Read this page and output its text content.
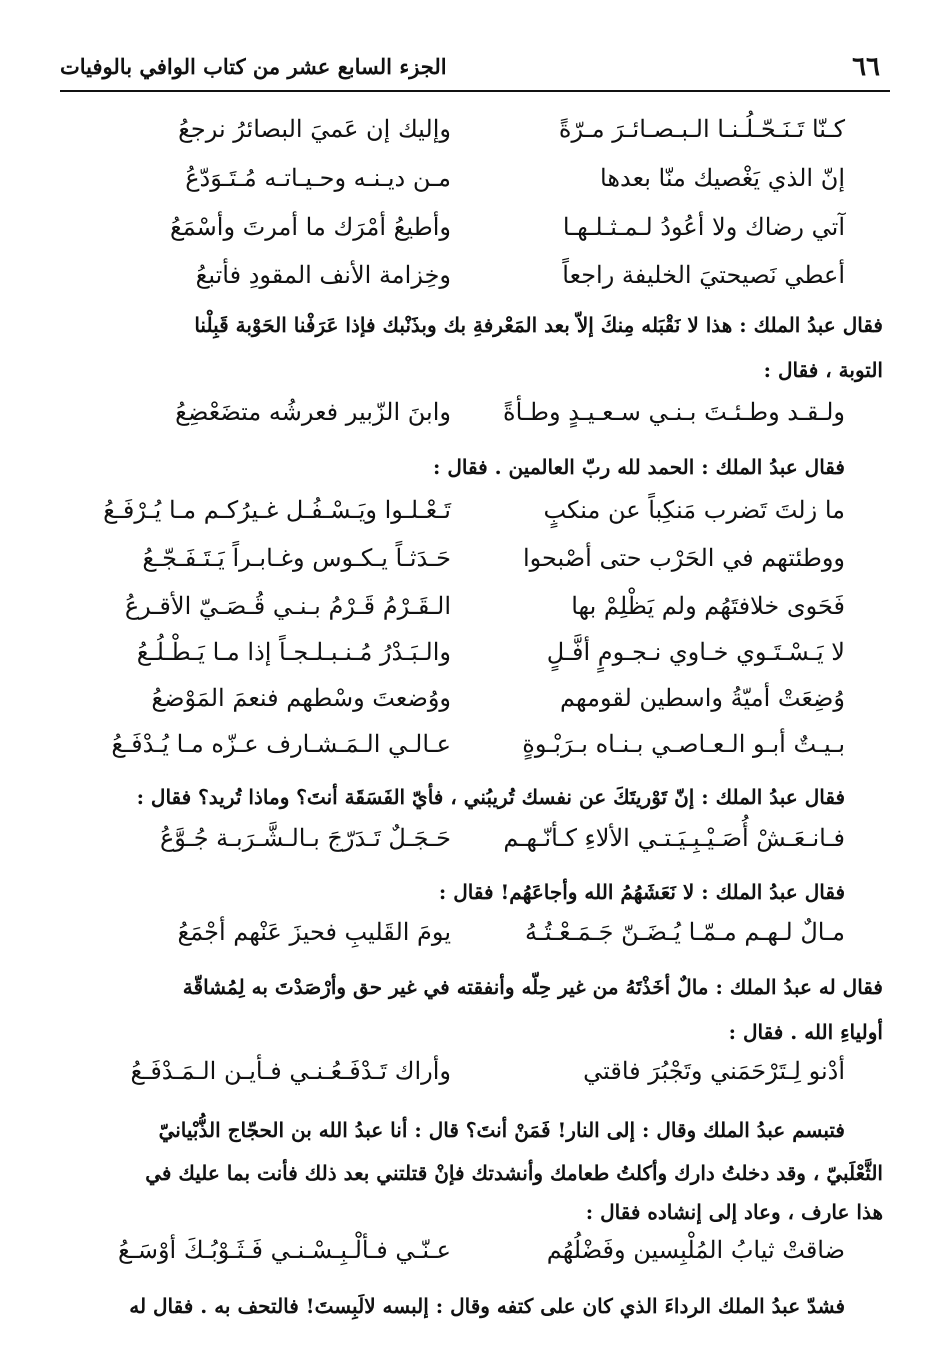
٦٦
الجزء السابع عشر من كتاب الوافي بالوفيات
كـنّا تَـنَـحّـلُـنـا الـبـصـائـرَ مـرّةً
وإليك إن عَميَ البصائرُ نرجعُ
إنّ الذي يَغْصيك منّا بعدها
مـن ديـنـه وحـيـاتـه مُـتَـوَدّعُ
آتي رضاك ولا أعُودُ لـمـثـلـهـا
وأطيعُ أمْرَك ما أمرتَ وأسْمَعُ
أعطي نَصيحتيَ الخليفة راجعاً
وخِزامة الأنف المقودِ فأتبعُ
فقال عبدُ الملك : هذا لا نَقْبَله مِنكَ إلاّ بعد المَعْرفةِ بك وبذَنْبك فإذا عَرَفْنا الحَوْبة قَبِلْنا
التوبة ، فقال :
ولـقـد وطـئـتَ بـنـي سـعـيـدٍ وطـأةً
وابنَ الزّبير فعرشُه متضَعْضِعُ
فقال عبدُ الملك : الحمد لله ربّ العالمين . فقال :
ما زلتَ تَضرب مَنكِباً عن منكبٍ
تَـعْـلـوا ويَـسْـفُـل غـيرُكـم مـا يُـرْفَـعُ
ووطئتهم في الحَرْب حتى أصْبحوا
حَـدَثـاً يـكـوس وغـابـراً يَـتَـفَـجّـعُ
فَحَوى خلافتَهُم ولم يَظْلِمْ بها
الـقَـرْمُ قَـرْمُ بـنـي قُـصَـيّ الأقـرعُ
لا يَـسْـتَـوي خـاوي نـجـومٍ أفَّـلٍ
والـبَـدْرُ مُـنـبـلـجـاً إذا مـا يَـطْـلُـعُ
وُضِعَتْ أميّةُ واسطين لقومهم
ووُضعتَ وسْطهم فنعمَ المَوْضعُ
بـيـتٌ أبـو الـعـاصـي بـنـاه بـرَبْـوةٍ
عـالـي الـمَـشـارف عـزّه مـا يُـدْفَـعُ
فقال عبدُ الملك : إنّ تَوْريتَكَ عن نفسك تُريبُني ، فأيّ الفَسَقَة أنتَ؟ وماذا تُريد؟ فقال :
فـانـعَـشْ أُصَـيْـبِـيَـتـي الألاءِ كـأنّـهـم
حَـجَـلٌ تَـدَرّجَ بـالـشَّـرَبـة جُـوَّعُ
فقال عبدُ الملك : لا نَعَشَهُمُ الله وأجاعَهُم! فقال :
مـالٌ لـهـم مـمّـا يُـضَـنّ جَـمَـعْـتُـهُ
يومَ القَليبِ فحيزَ عَنْهم أجْمَعُ
فقال له عبدُ الملك : مالٌ أخَذْتَهُ من غير حِلّه وأنفقته في غير حق وأرْصَدْتَ به لِمُشاقّة
أولياءِ الله . فقال :
أدْنو لِـتَرْحَمَني وتَجْبُرَ فاقتي
وأراك تَـدْفَـعُـنـي فـأيـن الـمَـدْفَـعُ
فتبسم عبدُ الملك وقال : إلى النار! فَمَنْ أنتَ؟ قال : أنا عبدُ الله بن الحجّاج الذُّبْيانيّ
الثَّعْلَبيّ ، وقد دخلتُ دارك وأكلتُ طعامك وأنشدتك فإنْ قتلتني بعد ذلك فأنت بما عليك في
هذا عارف ، وعاد إلى إنشاده فقال :
ضاقتْ ثيابُ المُلْبِسين وفَضْلُهُم
عـنّـي فـألْـبِـسْـنـي فَـثَـوْبُـكَ أوْسَـعُ
فشدّ عبدُ الملك الرداءَ الذي كان على كتفه وقال : إلبسه لالَبِستَ! فالتحف به . فقال له
